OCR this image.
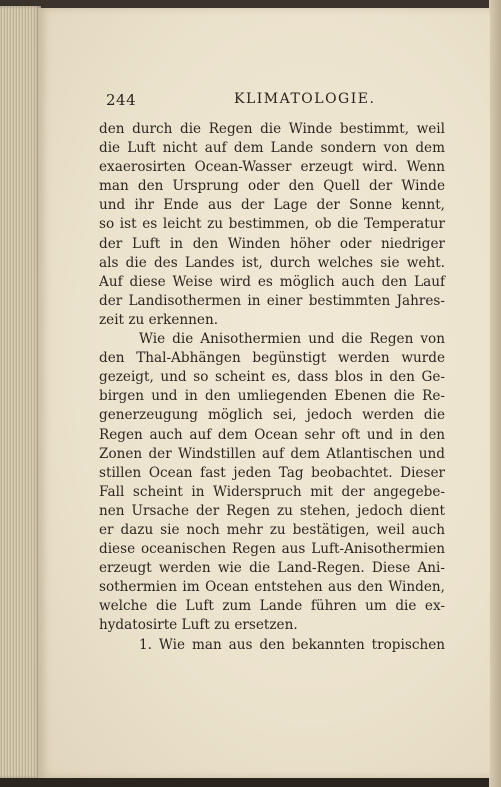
244	KLIMATOLOGIE.
den durch die Regen die Winde bestimmt, weil
die Luft nicht auf dem Lande sondern von dem
exaerosirten Ocean-Wasser erzeugt wird. Wenn
man den Ursprung oder den Quell der Winde
und ihr Ende aus der Lage der Sonne kennt,
so ist es leicht zu bestimmen, ob die Temperatur
der Luft in den Winden höher oder niedriger
als die des Landes ist, durch welches sie weht.
Auf diese Weise wird es möglich auch den Lauf
der Landisothermen in einer bestimmten Jahres-
zeit zu erkennen.
Wie die Anisothermien und die Regen von
den Thal-Abhängen begünstigt werden wurde
gezeigt, und so scheint es, dass blos in den Ge-
birgen und in den umliegenden Ebenen die Re-
generzeugung möglich sei, jedoch werden die
Regen auch auf dem Ocean sehr oft und in den
Zonen der Windstillen auf dem Atlantischen und
stillen Ocean fast jeden Tag beobachtet. Dieser
Fall scheint in Widerspruch mit der angegebe-
nen Ursache der Regen zu stehen, jedoch dient
er dazu sie noch mehr zu bestätigen, weil auch
diese oceanischen Regen aus Luft-Anisothermien
erzeugt werden wie die Land-Regen. Diese Ani-
sothermien im Ocean entstehen aus den Winden,
welche die Luft zum Lande führen um die ex-
hydatosirte Luft zu ersetzen.
1. Wie man aus den bekannten tropischen
